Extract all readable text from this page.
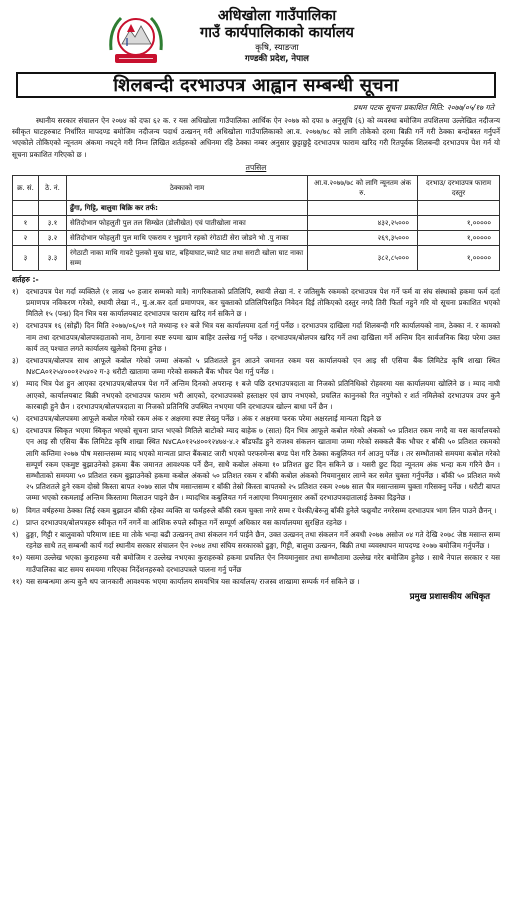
अधिखोला गाउँपालिका
गाउँ कार्यपालिकाको कार्यालय
कृषि, स्याङजा
गण्डकी प्रदेश, नेपाल
शिलबन्दी दरभाउपत्र आह्वान सम्बन्धी सूचना
प्रथम पटक सूचना प्रकाशित मिति: २०७७/०५/१७ गते

स्थानीय सरकार संचालन ऐन २०७४ को दफा ६२ क. र यस अधिखोला गाउँपालिका आर्थिक ऐन २०७७ को दफा ७ अनुसूचि (६) को व्यवस्था बमोजिम तपशिलमा उल्लेखित नदीजन्य स्वीकृत घाटहरुबाट निर्धारित मापदण्ड बमोजिम नदीजन्य पदार्थ उत्खनन् गरी अधिखोला गाउँपालिकाको आ.व. २०७७/७८ को लागि तोकेको दरमा बिक्री गर्ने गरी ठेक्का बन्दोबस्त गर्नुपर्ने भएकोले तोकिएको न्यूनतम अंकमा नघट्ने गरी निम्न लिखित शर्तहरुको अधिनमा रहि ठेक्का नम्बर अनुसार छुट्टाछुट्टै दरभाउपत्र फाराम खरिद गरी रितपूर्वक शिलबन्दी दरभाउपत्र पेश गर्न यो सूचना प्रकाशित गरिएको छ ।

तपसिल
क्र. सं.	ठे. नं.	ठेक्काको नाम	आ.व.२०७७/७८ को लागि न्यूनतम अंक रु.	दरभाउ/ दरभाउपत्र फाराम दस्तुर
		ढुँगा, गिट्टि, बालुवा बिक्रि कर तर्फ:		
१	३.१	सेतिदोभान फोहलुती पुल तल सिम्खेत (डोलीखेत) एवं पातीखोला नाका	४३२,२५०००	१,०००००
२	३.२	सेतिदोभान फोहलुती पुल माथि एकराय र भुइगाने रहको रंगेठाटी सेरा जोडने भो .पु नाका	२६९,३५०००	१,०००००
३	३.३	रंगेठाटी नाका माथि गावटे पुलको मुख घाट, बहियाघाट,च्याटे घाट तथा सराटी खोला घाट नाका सम्म	३८२,८५०००	१,०००००
शर्तहरु :-
१)	दरभाउपत्र पेश गर्दा व्यक्तिले (१ लाख ५० हजार सम्मको मात्रै) नागरिकताको प्रतिलिपि, स्थायी लेखा नं. र जतिसुकै रकमको दरभाउपत्र पेश गर्ने फर्म वा संघ संस्थाको हकमा फर्म दर्ता प्रमाणपत्र नविकरण गरेको, स्थायी लेखा नं., मु.अ.कर दर्ता प्रमाणपत्र, कर चुक्ताको प्रतिलिपिसहित निवेदन दिई तोकिएको दस्तुर नगदै तिरी फिर्ता नहुने गरि यो सूचना प्रकाशित भएको मितिले १५ (पन्ध्र) दिन भित्र यस कार्यालयबाट दरभाउपत्र फाराम खरिद गर्न सकिने छ ।

२)	दरभाउपत्र १६ (सोह्रौं) दिन मिति २०७७/०६/०१ गते मध्यान्ह १२ बजे भित्र यस कार्यालयमा दर्ता गर्नु पर्नेछ । दरभाउपत्र दाखिला गर्दा शिलबन्दी गरि कार्यालयको नाम, ठेक्का नं. र कामको नाम तथा दरभाउपत्र/बोलपत्रदाताको नाम, ठेगाना स्पष्ट रुपमा खाम बाहिर उल्लेख गर्नु पर्नेछ । दरभाउपत्र/बोलपत्र खरिद गर्ने तथा दाखिला गर्ने अन्तिम दिन सार्वजनिक बिदा परेमा उक्त कार्य तत् पश्चात लगते कार्यालय खुलेको दिनमा हुनेछ ।

३)	दरभाउपत्र/बोलपत्र साथ आफूले कबोल गरेको जम्मा अंकको ५ प्रतिशतले हुन आउने जमानत रकम यस कार्यालयको एन आइ सी एसिया बैंक लिमिटेड कृषि शाखा स्थित N४CA०१२५४०००१२५४०२ ग-३ धरौटी खातामा जम्मा गरेको सक्कलै बैंक भौचर पेश गर्नु पर्नेछ ।

४)	म्याद भित्र पेश हुन आएका दरभाउपत्र/बोलपत्र पेश गर्ने अन्तिम दिनको अपरान्ह १ बजे पछि दरभाउपत्रदाता वा निजको प्रतिनिधिको रोहवरमा यस कार्यालयमा खोलिने छ । म्याद नाघी आएको, कार्यालयबाट बिक्री नभएको दरभाउपत्र फाराम भरी आएको, दरभाउपत्रको हस्ताक्षर एवं छाप नभएको, प्रचलित कानुनको रित नपुगेको र शर्त नमिलेको दरभाउपत्र उपर कुनै कारबाही हुने छैन । दरभाउपत्र/बोलपत्रदाता वा निजको प्रतिनिधि उपस्थित नभएमा पनि दरभाउपत्र खोल्न बाधा पर्ने छैन ।

५)	दरभाउपत्र/बोलपत्रमा आफूले कबोल गरेको रकम अंक र अक्षरमा स्पष्ट लेख्नु पर्नेछ । अंक र अक्षरमा फरक परेमा अक्षरलाई मान्यता दिइने छ

६)	दरभाउपत्र स्विकृत भएमा स्विकृत भएको सूचना प्राप्त भएको मितिले बाटोको म्याद बाहेक ७ (सात) दिन भित्र आफूले कबोल गरेको अंकको ५० प्रतिशत रकम नगदै वा यस कार्यालयको एन आइ सी एसिया बैंक लिमिटेड कृषि शाखा स्थित N४CA०१२५४००१२४७४-४.२ बाँडफाँड हुने राजश्व संकलन खातामा जम्मा गरेको सक्कलै बैंक भौचर र बाँकी ५० प्रतिशत रकमको लागि कम्तिमा २०७७ पौष मसान्तसम्म म्याद भएको मान्यता प्राप्त बैंकबाट जारी भएको परफरमेन्स बण्ड पेश गरि ठेक्का कबुलियत गर्न आउनु पर्नेछ । तर सम्भौताको समयमा कबोल गरेको सम्पूर्ण रकम एकमुष्ट बुझाउनेको हकमा बैंक जमानत आवश्यक पर्ने छैन, साथै कबोल अंकमा १० प्रतिशत छुट दिन सकिने छ । यसरी छुट दिदा न्यूनतम अंक भन्दा कम गरिने छैन । सम्भौताको समयमा ५० प्रतिशत रकम बुझाउनेको हकमा कबोल अंकको ५० प्रतिशत रकम र बाँकी कबोल अंकको नियमानुसार लाग्ने कर समेत चुक्ता गर्नुपर्नेछ । बाँकी ५० प्रतिशत मध्ये २५ प्रतिशतले हुने रकम दोस्रो किस्ता बापत २०७७ साल पौष मसान्तसम्म र बाँकी तेस्रो किस्ता बापतको २५ प्रतिशत रकम २०७७ साल चैत्र मसान्तसम्म चुक्ता गरिसक्नु पर्नेछ । धरौटी बापत जम्मा भएको रकमलाई अन्तिम किस्तामा मिलाउन पाइने छैन । म्यादभित्र कबुलियत गर्न नआएमा नियमानुसार अर्को दरभाउपत्रदातालाई ठेक्का दिइनेछ ।

७)	विगत वर्षहरुमा ठेक्का लिई रकम बुझाउन बाँकी रहेका व्यक्ति वा फर्महरुले बाँकी रकम चुक्ता नगरे सम्म र पेश्की/बेरुजु बाँकी हुनेले फछ्र्यौट नगरेसम्म दरभाउपत्र भाग लिन पाउने छैनन् ।

८)	प्राप्त दरभाउपत्र/बोलपत्रहरु स्वीकृत गर्ने नगर्ने वा आंशिक रुपले स्वीकृत गर्ने सम्पूर्ण अधिकार यस कार्यालयमा सुरक्षित रहनेछ ।

९)	ढुङ्गा, गिट्टी र बालुवाको परिमाण IEE मा तोके भन्दा बढी उत्खनन् तथा संकलन गर्न पाईने छैन, उक्त उत्खनन् तथा संकलन गर्ने अवधी २०७७ असोज ०४ गते देखि २०७८ जेष्ठ मसान्त सम्म रहनेछ साथै तत् सम्बन्धी कार्य गर्दा स्थानीय सरकार संचालन ऐन २०७४ तथा संघिय सरकारको ढुङ्गा, गिट्टी, बालुवा उत्खनन, बिक्री तथा व्यवस्थापन मापदण्ड २०७७ बमोजिम गर्नुपर्नेछ ।

१०) यसमा उल्लेख भएका कुराहरुमा यसै बमोजिम र उल्लेख नभएका कुराहरुको हकमा प्रचलित ऐन नियमानुसार तथा सम्भौतामा उल्लेख गरेर बमोजिम हुनेछ । साथै नेपाल सरकार र यस गाउँपालिका बाट समय समयमा गरिएका निर्देशनहरुको दरभाउपत्रले पालना गर्नु पर्नेछ

११) यस सम्बन्धमा अन्य कुनै थप जानकारी आवश्यक भएमा कार्यालय समयभित्र यस कार्यालय/ राजस्व शाखामा सम्पर्क गर्न सकिने छ ।

प्रमुख प्रशासकीय अधिकृत
